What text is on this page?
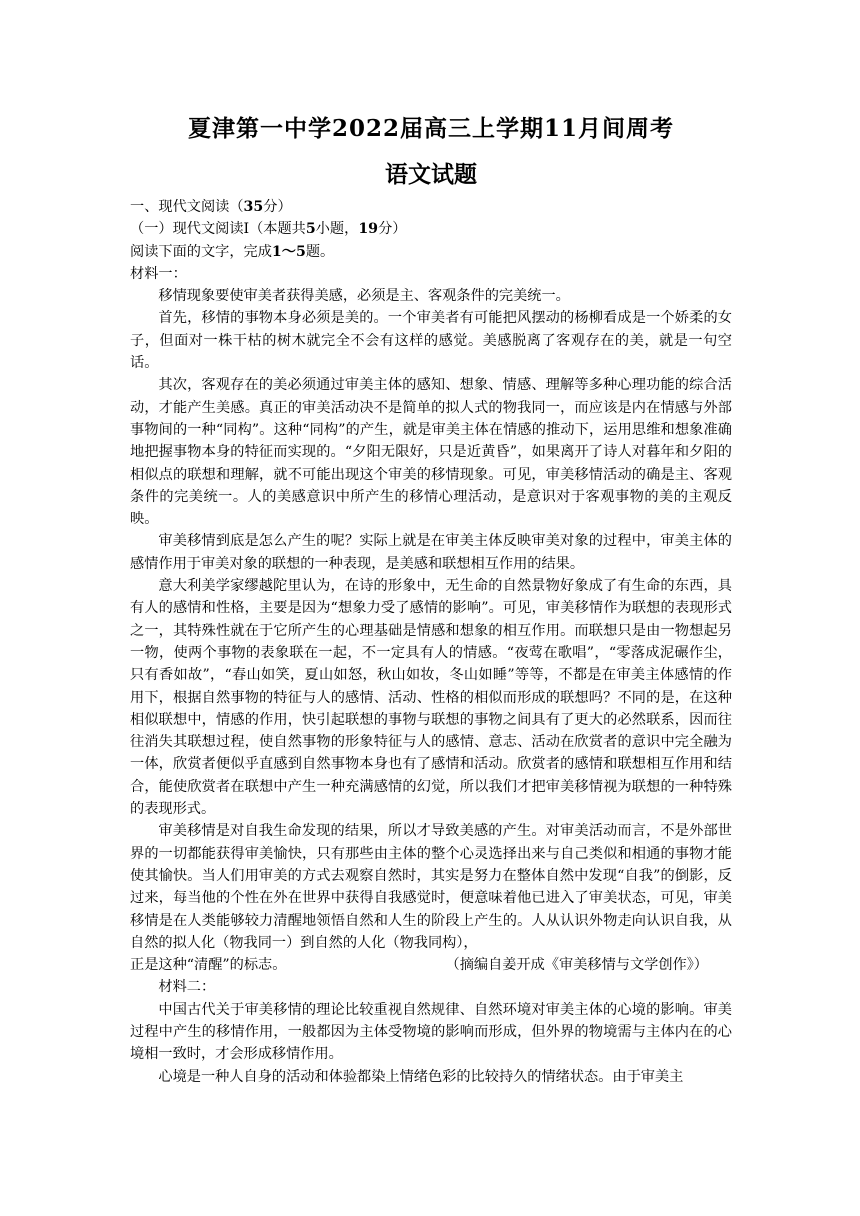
夏津第一中学2022届高三上学期11月间周考
语文试题

一、现代文阅读（35分）

（一）现代文阅读Ⅰ（本题共5小题，19分）

阅读下面的文字，完成1～5题。

材料一：

移情现象要使审美者获得美感，必须是主、客观条件的完美统一。

首先，移情的事物本身必须是美的。一个审美者有可能把风摆动的杨柳看成是一个娇柔的女子，但面对一株干枯的树木就完全不会有这样的感觉。美感脱离了客观存在的美，就是一句空话。

其次，客观存在的美必须通过审美主体的感知、想象、情感、理解等多种心理功能的综合活动，才能产生美感。真正的审美活动决不是简单的拟人式的物我同一，而应该是内在情感与外部事物间的一种“同构”。这种“同构”的产生，就是审美主体在情感的推动下，运用思维和想象准确地把握事物本身的特征而实现的。“夕阳无限好，只是近黄昏”，如果离开了诗人对暮年和夕阳的相似点的联想和理解，就不可能出现这个审美的移情现象。可见，审美移情活动的确是主、客观条件的完美统一。人的美感意识中所产生的移情心理活动，是意识对于客观事物的美的主观反映。

审美移情到底是怎么产生的呢？实际上就是在审美主体反映审美对象的过程中，审美主体的感情作用于审美对象的联想的一种表现，是美感和联想相互作用的结果。

意大利美学家缪越陀里认为，在诗的形象中，无生命的自然景物好象成了有生命的东西，具有人的感情和性格，主要是因为“想象力受了感情的影响”。可见，审美移情作为联想的表现形式之一，其特殊性就在于它所产生的心理基础是情感和想象的相互作用。而联想只是由一物想起另一物，使两个事物的表象联在一起，不一定具有人的情感。“夜莺在歌唱”，“零落成泥碾作尘，只有香如故”，“春山如笑，夏山如怒，秋山如妆，冬山如睡”等等，不都是在审美主体感情的作用下，根据自然事物的特征与人的感情、活动、性格的相似而形成的联想吗？不同的是，在这种相似联想中，情感的作用，快引起联想的事物与联想的事物之间具有了更大的必然联系，因而往往消失其联想过程，使自然事物的形象特征与人的感情、意志、活动在欣赏者的意识中完全融为一体，欣赏者便似乎直感到自然事物本身也有了感情和活动。欣赏者的感情和联想相互作用和结合，能使欣赏者在联想中产生一种充满感情的幻觉，所以我们才把审美移情视为联想的一种特殊的表现形式。

审美移情是对自我生命发现的结果，所以才导致美感的产生。对审美活动而言，不是外部世界的一切都能获得审美愉快，只有那些由主体的整个心灵选择出来与自己类似和相通的事物才能使其愉快。当人们用审美的方式去观察自然时，其实是努力在整体自然中发现“自我”的倒影，反过来，每当他的个性在外在世界中获得自我感觉时，便意味着他已进入了审美状态，可见，审美移情是在人类能够较力清醒地领悟自然和人生的阶段上产生的。人从认识外物走向认识自我，从自然的拟人化（物我同一）到自然的人化（物我同构），

正是这种“清醒”的标志。	（摘编自姜开成《审美移情与文学创作》）

材料二：

中国古代关于审美移情的理论比较重视自然规律、自然环境对审美主体的心境的影响。审美过程中产生的移情作用，一般都因为主体受物境的影响而形成，但外界的物境需与主体内在的心境相一致时，才会形成移情作用。

心境是一种人自身的活动和体验都染上情绪色彩的比较持久的情绪状态。由于审美主
